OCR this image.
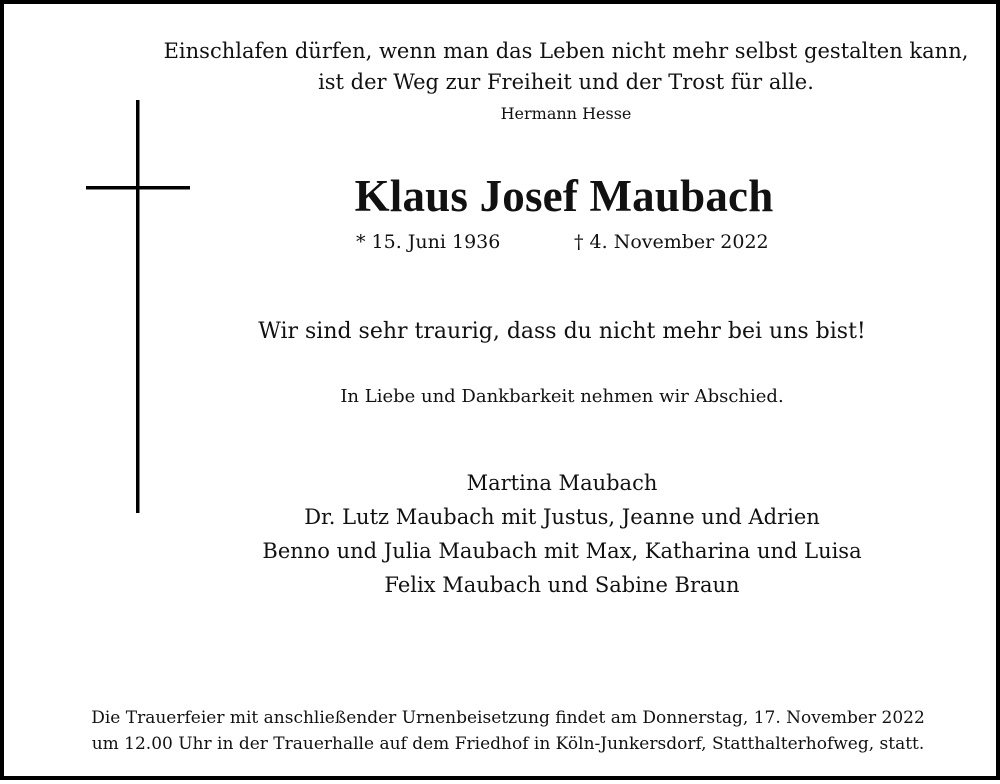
Einschlafen dürfen, wenn man das Leben nicht mehr selbst gestalten kann,
ist der Weg zur Freiheit und der Trost für alle.
Hermann Hesse
Klaus Josef Maubach
* 15. Juni 1936	† 4. November 2022
Wir sind sehr traurig, dass du nicht mehr bei uns bist!
In Liebe und Dankbarkeit nehmen wir Abschied.
Martina Maubach
Dr. Lutz Maubach mit Justus, Jeanne und Adrien
Benno und Julia Maubach mit Max, Katharina und Luisa
Felix Maubach und Sabine Braun
Die Trauerfeier mit anschließender Urnenbeisetzung findet am Donnerstag, 17. November 2022
um 12.00 Uhr in der Trauerhalle auf dem Friedhof in Köln-Junkersdorf, Statthalterhofweg, statt.
